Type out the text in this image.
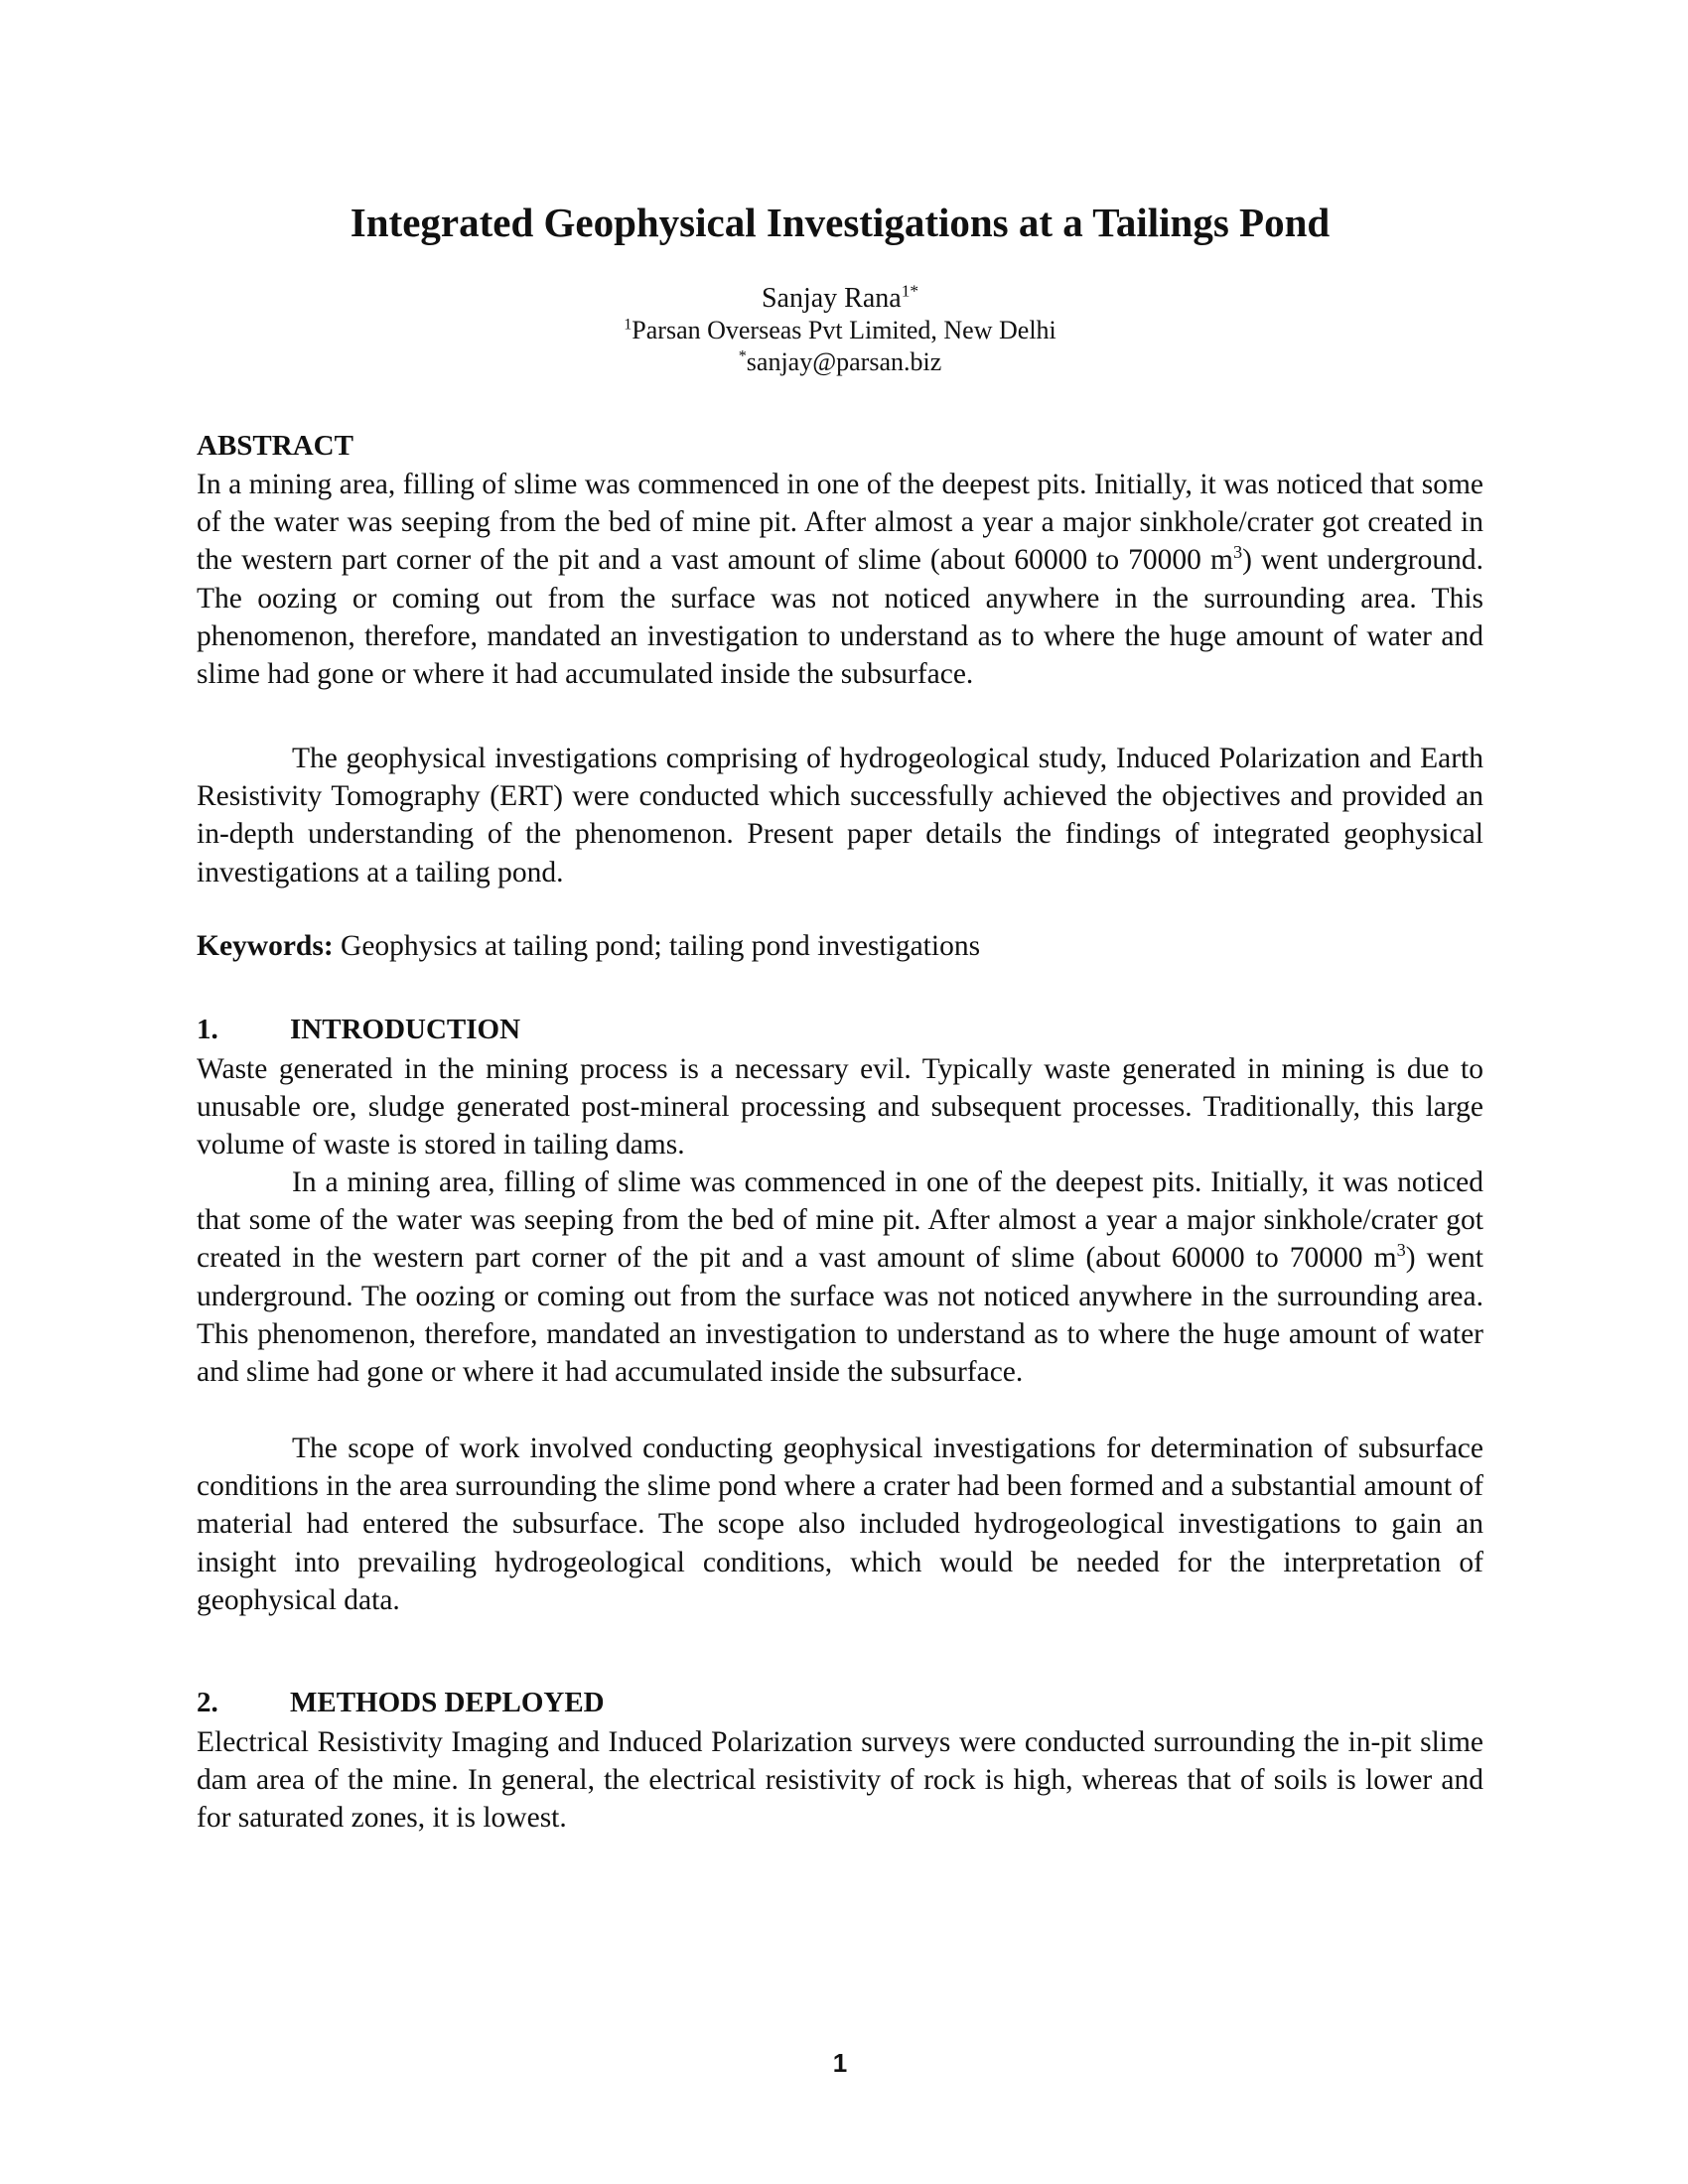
Integrated Geophysical Investigations at a Tailings Pond
Sanjay Rana$^{1*}$
$^1$Parsan Overseas Pvt Limited, New Delhi
*sanjay@parsan.biz
ABSTRACT

In a mining area, filling of slime was commenced in one of the deepest pits. Initially, it was noticed that some of the water was seeping from the bed of mine pit. After almost a year a major sinkhole/crater got created in the western part corner of the pit and a vast amount of slime (about 60000 to 70000 $m^3$) went underground. The oozing or coming out from the surface was not noticed anywhere in the surrounding area. This phenomenon, therefore, mandated an investigation to understand as to where the huge amount of water and slime had gone or where it had accumulated inside the subsurface.

The geophysical investigations comprising of hydrogeological study, Induced Polarization and Earth Resistivity Tomography (ERT) were conducted which successfully achieved the objectives and provided an in-depth understanding of the phenomenon. Present paper details the findings of integrated geophysical investigations at a tailing pond.

Keywords: Geophysics at tailing pond; tailing pond investigations

1. INTRODUCTION

Waste generated in the mining process is a necessary evil. Typically waste generated in mining is due to unusable ore, sludge generated post-mineral processing and subsequent processes. Traditionally, this large volume of waste is stored in tailing dams.

In a mining area, filling of slime was commenced in one of the deepest pits. Initially, it was noticed that some of the water was seeping from the bed of mine pit. After almost a year a major sinkhole/crater got created in the western part corner of the pit and a vast amount of slime (about 60000 to 70000 $m^3$) went underground. The oozing or coming out from the surface was not noticed anywhere in the surrounding area. This phenomenon, therefore, mandated an investigation to understand as to where the huge amount of water and slime had gone or where it had accumulated inside the subsurface.

The scope of work involved conducting geophysical investigations for determination of subsurface conditions in the area surrounding the slime pond where a crater had been formed and a substantial amount of material had entered the subsurface. The scope also included hydrogeological investigations to gain an insight into prevailing hydrogeological conditions, which would be needed for the interpretation of geophysical data.

2. METHODS DEPLOYED

Electrical Resistivity Imaging and Induced Polarization surveys were conducted surrounding the in-pit slime dam area of the mine. In general, the electrical resistivity of rock is high, whereas that of soils is lower and for saturated zones, it is lowest.

1
